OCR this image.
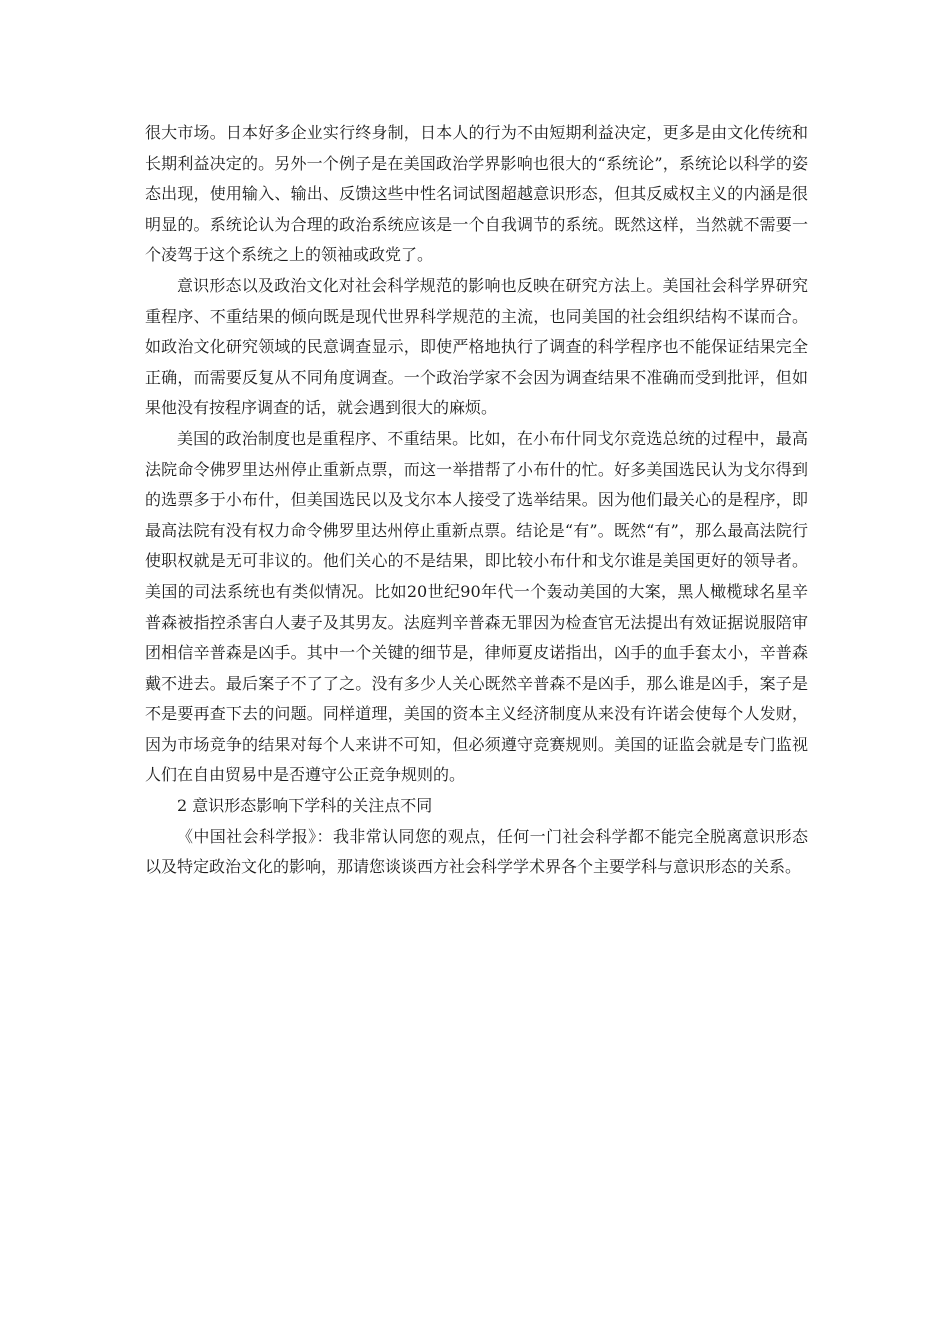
很大市场。日本好多企业实行终身制，日本人的行为不由短期利益决定，更多是由文化传统和长期利益决定的。另外一个例子是在美国政治学界影响也很大的“系统论”，系统论以科学的姿态出现，使用输入、输出、反馈这些中性名词试图超越意识形态，但其反威权主义的内涵是很明显的。系统论认为合理的政治系统应该是一个自我调节的系统。既然这样，当然就不需要一个凌驾于这个系统之上的领袖或政党了。

意识形态以及政治文化对社会科学规范的影响也反映在研究方法上。美国社会科学界研究重程序、不重结果的倾向既是现代世界科学规范的主流，也同美国的社会组织结构不谋而合。如政治文化研究领域的民意调查显示，即使严格地执行了调查的科学程序也不能保证结果完全正确，而需要反复从不同角度调查。一个政治学家不会因为调查结果不准确而受到批评，但如果他没有按程序调查的话，就会遇到很大的麻烦。

美国的政治制度也是重程序、不重结果。比如，在小布什同戈尔竞选总统的过程中，最高法院命令佛罗里达州停止重新点票，而这一举措帮了小布什的忙。好多美国选民认为戈尔得到的选票多于小布什，但美国选民以及戈尔本人接受了选举结果。因为他们最关心的是程序，即最高法院有没有权力命令佛罗里达州停止重新点票。结论是“有”。既然“有”，那么最高法院行使职权就是无可非议的。他们关心的不是结果，即比较小布什和戈尔谁是美国更好的领导者。美国的司法系统也有类似情况。比如20世纪90年代一个轰动美国的大案，黑人橄榄球名星辛普森被指控杀害白人妻子及其男友。法庭判辛普森无罪因为检查官无法提出有效证据说服陪审团相信辛普森是凶手。其中一个关键的细节是，律师夏皮诺指出，凶手的血手套太小，辛普森戴不进去。最后案子不了了之。没有多少人关心既然辛普森不是凶手，那么谁是凶手，案子是不是要再查下去的问题。同样道理，美国的资本主义经济制度从来没有许诺会使每个人发财，因为市场竞争的结果对每个人来讲不可知，但必须遵守竞赛规则。美国的证监会就是专门监视人们在自由贸易中是否遵守公正竞争规则的。

2 意识形态影响下学科的关注点不同

《中国社会科学报》：我非常认同您的观点，任何一门社会科学都不能完全脱离意识形态以及特定政治文化的影响，那请您谈谈西方社会科学学术界各个主要学科与意识形态的关系。
